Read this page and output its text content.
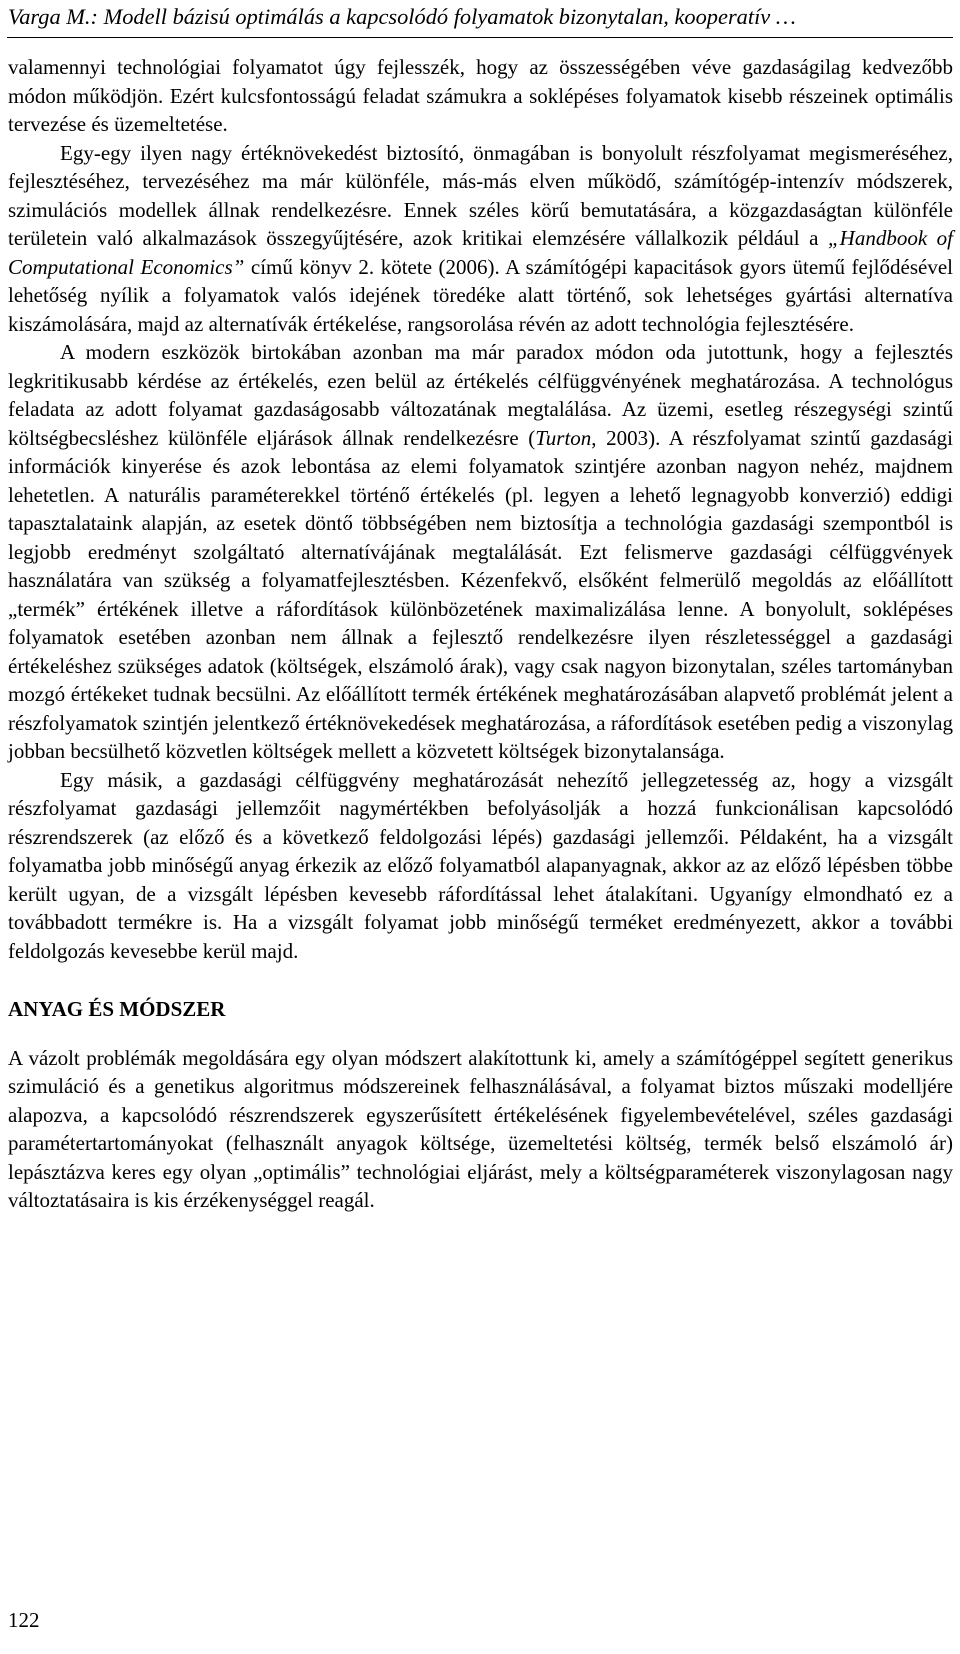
Varga M.: Modell bázisú optimálás a kapcsolódó folyamatok bizonytalan, kooperatív …

valamennyi technológiai folyamatot úgy fejlesszék, hogy az összességében véve gazdaságilag kedvezőbb módon működjön. Ezért kulcsfontosságú feladat számukra a soklépéses folyamatok kisebb részeinek optimális tervezése és üzemeltetése.

Egy-egy ilyen nagy értéknövekedést biztosító, önmagában is bonyolult részfolyamat megismeréséhez, fejlesztéséhez, tervezéséhez ma már különféle, más-más elven működő, számítógép-intenzív módszerek, szimulációs modellek állnak rendelkezésre. Ennek széles körű bemutatására, a közgazdaságtan különféle területein való alkalmazások összegyűjtésére, azok kritikai elemzésére vállalkozik például a „Handbook of Computational Economics” című könyv 2. kötete (2006). A számítógépi kapacitások gyors ütemű fejlődésével lehetőség nyílik a folyamatok valós idejének töredéke alatt történő, sok lehetséges gyártási alternatíva kiszámolására, majd az alternatívák értékelése, rangsorolása révén az adott technológia fejlesztésére.

A modern eszközök birtokában azonban ma már paradox módon oda jutottunk, hogy a fejlesztés legkritikusabb kérdése az értékelés, ezen belül az értékelés célfüggvényének meghatározása. A technológus feladata az adott folyamat gazdaságosabb változatának megtalálása. Az üzemi, esetleg részegységi szintű költségbecsléshez különféle eljárások állnak rendelkezésre (Turton, 2003). A részfolyamat szintű gazdasági információk kinyerése és azok lebontása az elemi folyamatok szintjére azonban nagyon nehéz, majdnem lehetetlen. A naturális paraméterekkel történő értékelés (pl. legyen a lehető legnagyobb konverzió) eddigi tapasztalataink alapján, az esetek döntő többségében nem biztosítja a technológia gazdasági szempontból is legjobb eredményt szolgáltató alternatívájának megtalálását. Ezt felismerve gazdasági célfüggvények használatára van szükség a folyamatfejlesztésben. Kézenfekvő, elsőként felmerülő megoldás az előállított „termék” értékének illetve a ráfordítások különbözetének maximalizálása lenne. A bonyolult, soklépéses folyamatok esetében azonban nem állnak a fejlesztő rendelkezésre ilyen részletességgel a gazdasági értékeléshez szükséges adatok (költségek, elszámoló árak), vagy csak nagyon bizonytalan, széles tartományban mozgó értékeket tudnak becsülni. Az előállított termék értékének meghatározásában alapvető problémát jelent a részfolyamatok szintjén jelentkező értéknövekedések meghatározása, a ráfordítások esetében pedig a viszonylag jobban becsülhető közvetlen költségek mellett a közvetett költségek bizonytalansága.

Egy másik, a gazdasági célfüggvény meghatározását nehezítő jellegzetesség az, hogy a vizsgált részfolyamat gazdasági jellemzőit nagymértékben befolyásolják a hozzá funkcionálisan kapcsolódó részrendszerek (az előző és a következő feldolgozási lépés) gazdasági jellemzői. Példaként, ha a vizsgált folyamatba jobb minőségű anyag érkezik az előző folyamatból alapanyagnak, akkor az az előző lépésben többe került ugyan, de a vizsgált lépésben kevesebb ráfordítással lehet átalakítani. Ugyanígy elmondható ez a továbbadott termékre is. Ha a vizsgált folyamat jobb minőségű terméket eredményezett, akkor a további feldolgozás kevesebbe kerül majd.

ANYAG ÉS MÓDSZER

A vázolt problémák megoldására egy olyan módszert alakítottunk ki, amely a számítógéppel segített generikus szimuláció és a genetikus algoritmus módszereinek felhasználásával, a folyamat biztos műszaki modelljére alapozva, a kapcsolódó részrendszerek egyszerűsített értékelésének figyelembevételével, széles gazdasági paramétertartományokat (felhasznált anyagok költsége, üzemeltetési költség, termék belső elszámoló ár) lepásztázva keres egy olyan „optimális” technológiai eljárást, mely a költségparaméterek viszonylagosan nagy változtatásaira is kis érzékenységgel reagál.

122
